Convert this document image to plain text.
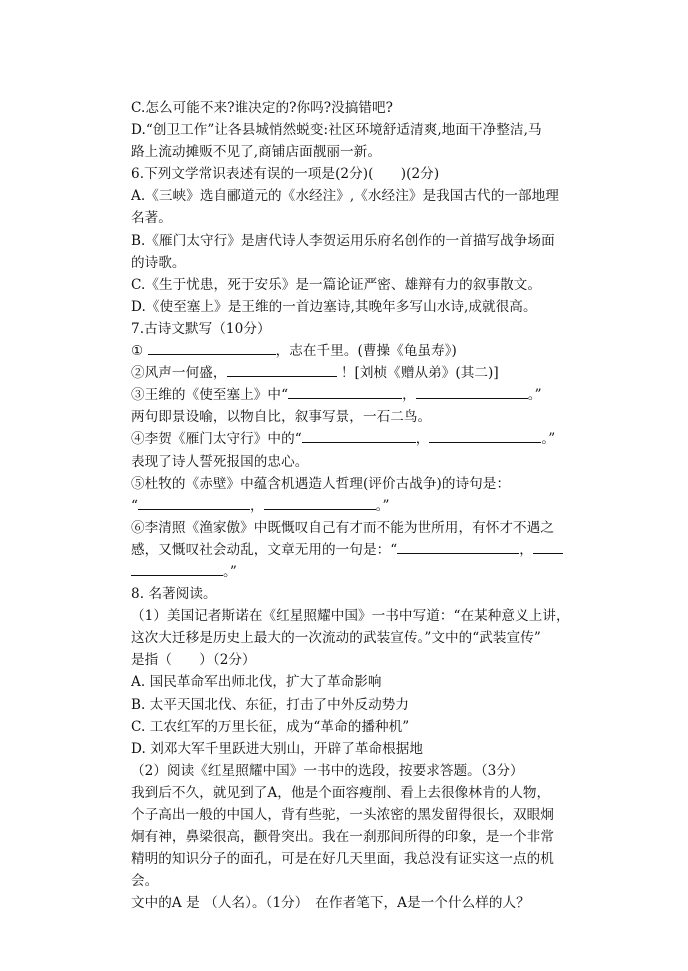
C.怎么可能不来?谁决定的?你吗?没搞错吧?
D.“创卫工作”让各县城悄然蜕变:社区环境舒适清爽,地面干净整洁,马
路上流动摊贩不见了,商铺店面靓丽一新。
6.下列文学常识表述有误的一项是(2分)(　　)(2分)
A.《三峡》选自郦道元的《水经注》,《水经注》是我国古代的一部地理
名著。
B.《雁门太守行》是唐代诗人李贺运用乐府名创作的一首描写战争场面
的诗歌。
C.《生于忧患，死于安乐》是一篇论证严密、雄辩有力的叙事散文。
D.《使至塞上》是王维的一首边塞诗,其晚年多写山水诗,成就很高。
7.古诗文默写（10分）
①	，志在千里。(曹操《龟虽寿》)
②风声一何盛，	！[刘桢《赠从弟》(其二)]
③王维的《使至塞上》中“	，	。”
两句即景设喻，以物自比，叙事写景，一石二鸟。
④李贺《雁门太守行》中的“	，	。”
表现了诗人誓死报国的忠心。
⑤杜牧的《赤壁》中蕴含机遇造人哲理(评价古战争)的诗句是：
“	，	。”
⑥李清照《渔家傲》中既慨叹自己有才而不能为世所用，有怀才不遇之
感，又慨叹社会动乱，文章无用的一句是：“	，
。”
8. 名著阅读。
（1）美国记者斯诺在《红星照耀中国》一书中写道：“在某种意义上讲，
这次大迁移是历史上最大的一次流动的武装宣传。”文中的“武装宣传”
是指（　　）（2分）
A. 国民革命军出师北伐，扩大了革命影响
B. 太平天国北伐、东征，打击了中外反动势力
C. 工农红军的万里长征，成为“革命的播种机”
D. 刘邓大军千里跃进大别山，开辟了革命根据地
（2）阅读《红星照耀中国》一书中的选段，按要求答题。（3分）
我到后不久，就见到了A，他是个面容瘦削、看上去很像林肯的人物，
个子高出一般的中国人，背有些驼，一头浓密的黑发留得很长，双眼炯
炯有神，鼻梁很高，颧骨突出。我在一刹那间所得的印象，是一个非常
精明的知识分子的面孔，可是在好几天里面，我总没有证实这一点的机
会。
文中的A 是 （人名）。（1分）　在作者笔下，A是一个什么样的人？
